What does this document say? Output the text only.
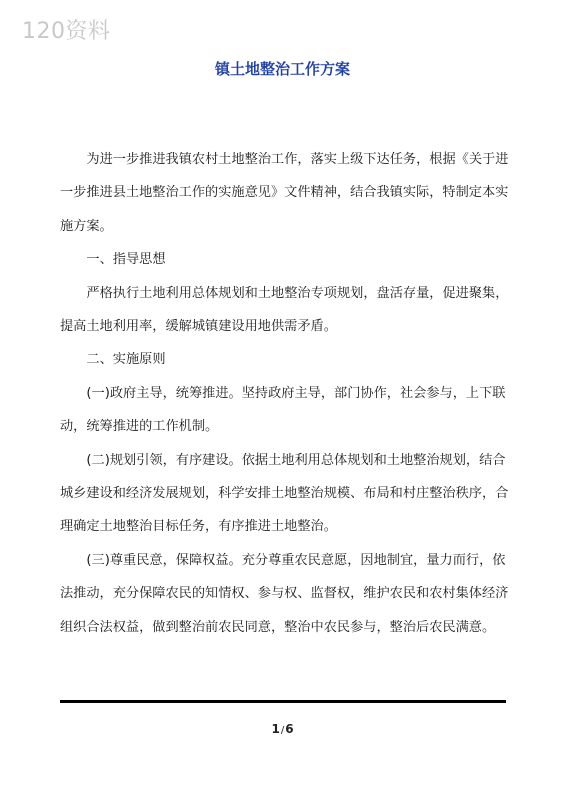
120资料
镇土地整治工作方案

为进一步推进我镇农村土地整治工作，落实上级下达任务，根据《关于进一步推进县土地整治工作的实施意见》文件精神，结合我镇实际，特制定本实施方案。

一、指导思想

严格执行土地利用总体规划和土地整治专项规划，盘活存量，促进聚集，提高土地利用率，缓解城镇建设用地供需矛盾。

二、实施原则

(一)政府主导，统筹推进。坚持政府主导，部门协作，社会参与，上下联动，统筹推进的工作机制。

(二)规划引领，有序建设。依据土地利用总体规划和土地整治规划，结合城乡建设和经济发展规划，科学安排土地整治规模、布局和村庄整治秩序，合理确定土地整治目标任务，有序推进土地整治。

(三)尊重民意，保障权益。充分尊重农民意愿，因地制宜，量力而行，依法推动，充分保障农民的知情权、参与权、监督权，维护农民和农村集体经济组织合法权益，做到整治前农民同意，整治中农民参与，整治后农民满意。

1/6
